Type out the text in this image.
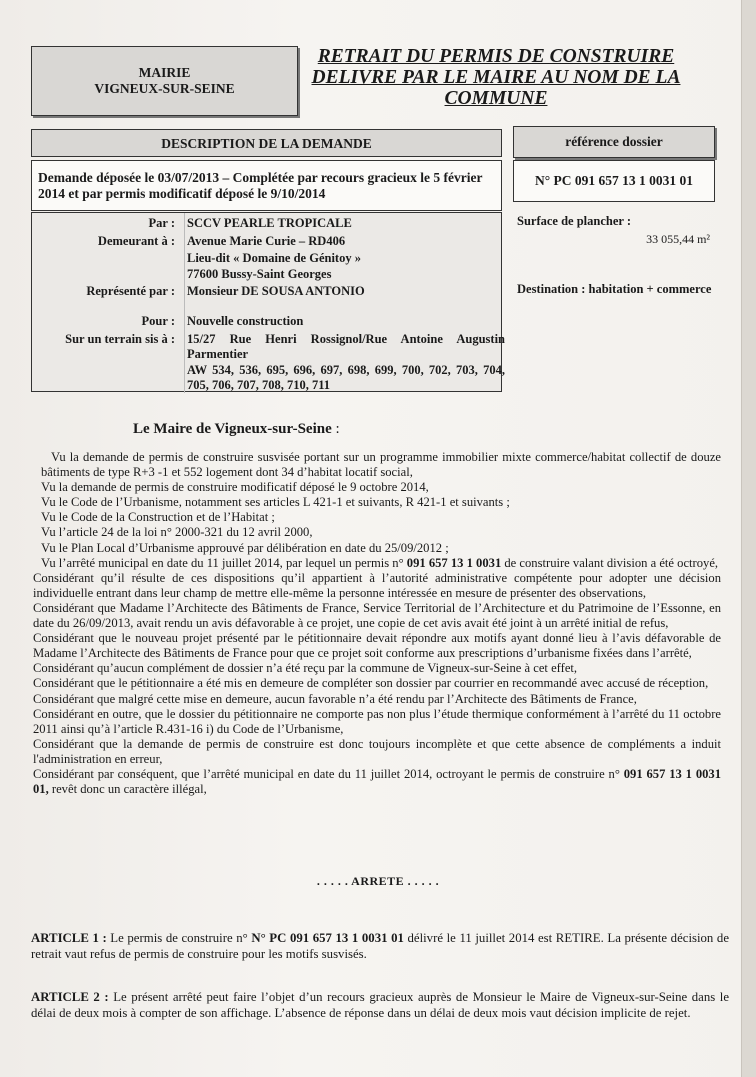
MAIRIE
VIGNEUX-SUR-SEINE
RETRAIT DU PERMIS DE CONSTRUIRE
DELIVRE PAR LE MAIRE AU NOM DE LA
COMMUNE
DESCRIPTION DE LA DEMANDE	référence dossier
Demande déposée le 03/07/2013 – Complétée par recours gracieux le 5 février 2014 et par permis modificatif déposé le 9/10/2014
N° PC 091 657 13 1 0031 01
Par : SCCV PEARLE TROPICALE
Demeurant à : Avenue Marie Curie – RD406
Lieu-dit « Domaine de Génitoy »
77600 Bussy-Saint Georges
Représenté par : Monsieur DE SOUSA ANTONIO
Pour : Nouvelle construction
Sur un terrain sis à : 15/27 Rue Henri Rossignol/Rue Antoine Augustin Parmentier
AW 534, 536, 695, 696, 697, 698, 699, 700, 702, 703, 704, 705, 706, 707, 708, 710, 711
Surface de plancher :
33 055,44 m²
Destination : habitation + commerce
Le Maire de Vigneux-sur-Seine :

Vu la demande de permis de construire susvisée portant sur un programme immobilier mixte commerce/habitat collectif de douze bâtiments de type R+3 -1 et 552 logement dont 34 d’habitat locatif social,

Vu la demande de permis de construire modificatif déposé le 9 octobre 2014,

Vu le Code de l’Urbanisme, notamment ses articles L 421-1 et suivants, R 421-1 et suivants ;

Vu le Code de la Construction et de l’Habitat ;

Vu l’article 24 de la loi n° 2000-321 du 12 avril 2000,

Vu le Plan Local d’Urbanisme approuvé par délibération en date du 25/09/2012 ;

Vu l’arrêté municipal en date du 11 juillet 2014, par lequel un permis n° 091 657 13 1 0031 de construire valant division a été octroyé,

Considérant qu’il résulte de ces dispositions qu’il appartient à l’autorité administrative compétente pour adopter une décision individuelle entrant dans leur champ de mettre elle-même la personne intéressée en mesure de présenter des observations,

Considérant que Madame l’Architecte des Bâtiments de France, Service Territorial de l’Architecture et du Patrimoine de l’Essonne, en date du 26/09/2013, avait rendu un avis défavorable à ce projet, une copie de cet avis avait été joint à un arrêté initial de refus,

Considérant que le nouveau projet présenté par le pétitionnaire devait répondre aux motifs ayant donné lieu à l’avis défavorable de Madame l’Architecte des Bâtiments de France pour que ce projet soit conforme aux prescriptions d’urbanisme fixées dans l’arrêté,

Considérant qu’aucun complément de dossier n’a été reçu par la commune de Vigneux-sur-Seine à cet effet,

Considérant que le pétitionnaire a été mis en demeure de compléter son dossier par courrier en recommandé avec accusé de réception,

Considérant que malgré cette mise en demeure, aucun favorable n’a été rendu par l’Architecte des Bâtiments de France,

Considérant en outre, que le dossier du pétitionnaire ne comporte pas non plus l’étude thermique conformément à l’arrêté du 11 octobre 2011 ainsi qu’à l’article R.431-16 i) du Code de l’Urbanisme,

Considérant que la demande de permis de construire est donc toujours incomplète et que cette absence de compléments a induit l'administration en erreur,

Considérant par conséquent, que l’arrêté municipal en date du 11 juillet 2014, octroyant le permis de construire n° 091 657 13 1 0031 01, revêt donc un caractère illégal,

. . . . . ARRETE . . . . .
ARTICLE 1 : Le permis de construire n° N° PC 091 657 13 1 0031 01 délivré le 11 juillet 2014 est RETIRE. La présente décision de retrait vaut refus de permis de construire pour les motifs susvisés.
ARTICLE 2 : Le présent arrêté peut faire l’objet d’un recours gracieux auprès de Monsieur le Maire de Vigneux-sur-Seine dans le délai de deux mois à compter de son affichage. L’absence de réponse dans un délai de deux mois vaut décision implicite de rejet.
